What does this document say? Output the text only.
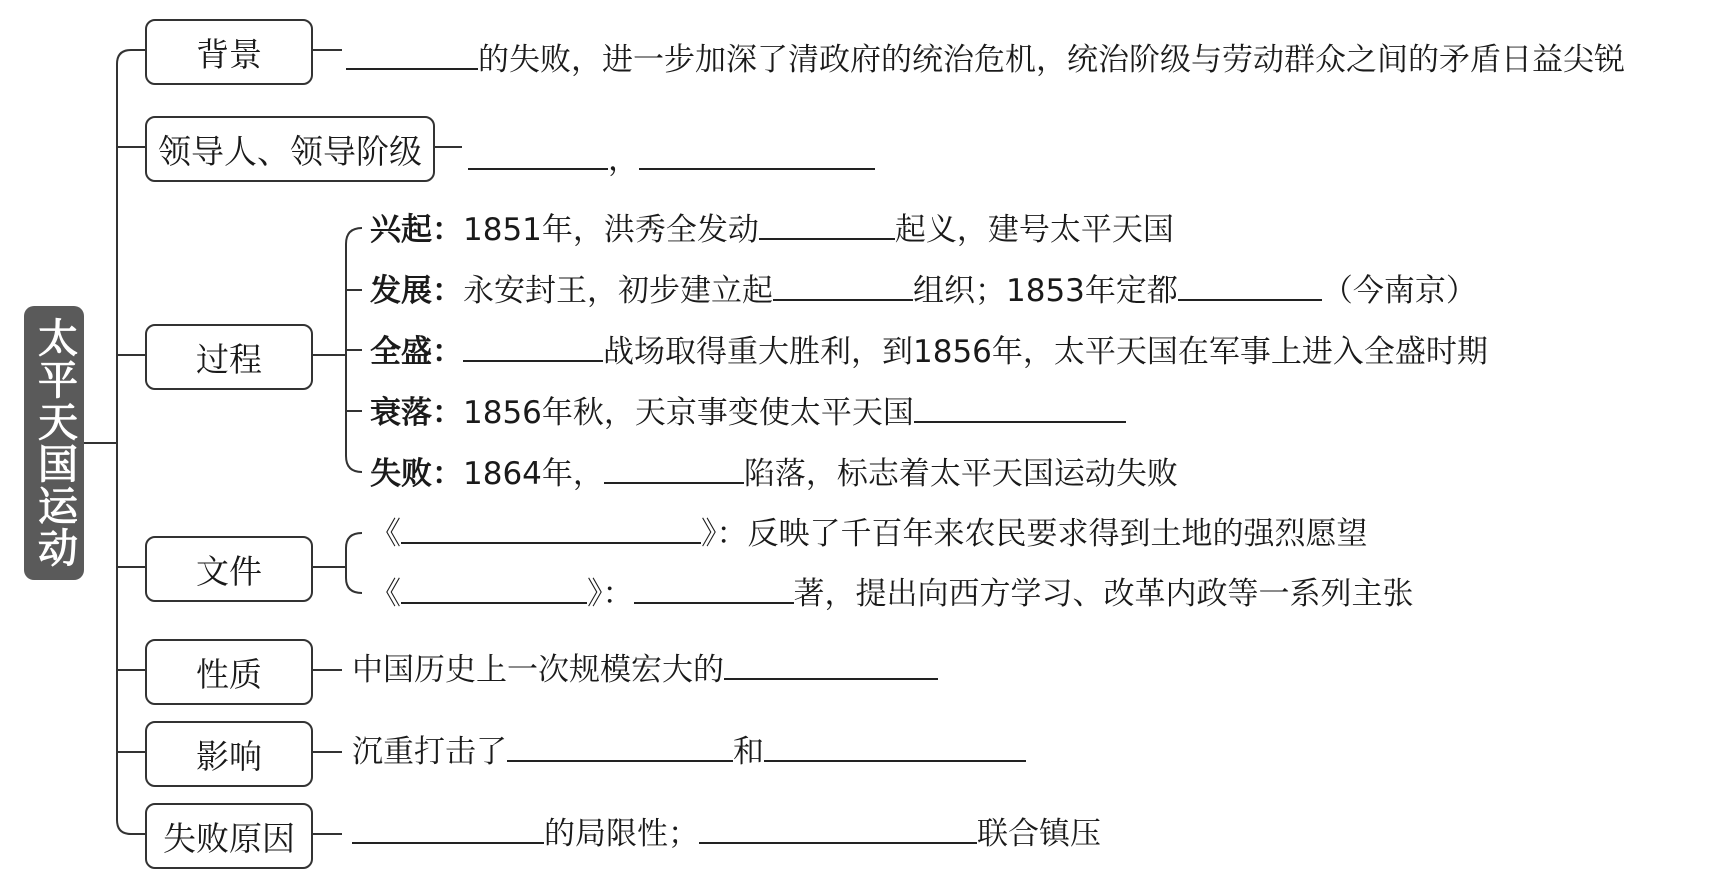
太平天国运动
背景
领导人、领导阶级
过程
文件
性质
影响
失败原因
的失败，进一步加深了清政府的统治危机，统治阶级与劳动群众之间的矛盾日益尖锐
，
兴起：1851年，洪秀全发动	起义，建号太平天国
发展：永安封王，初步建立起	组织；1853年定都	（今南京）
全盛：	战场取得重大胜利，到1856年，太平天国在军事上进入全盛时期
衰落：1856年秋，天京事变使太平天国
失败：1864年，	陷落，标志着太平天国运动失败
《	》：反映了千百年来农民要求得到土地的强烈愿望
《	》：	著，提出向西方学习、改革内政等一系列主张
中国历史上一次规模宏大的
沉重打击了	和
的局限性；	联合镇压
